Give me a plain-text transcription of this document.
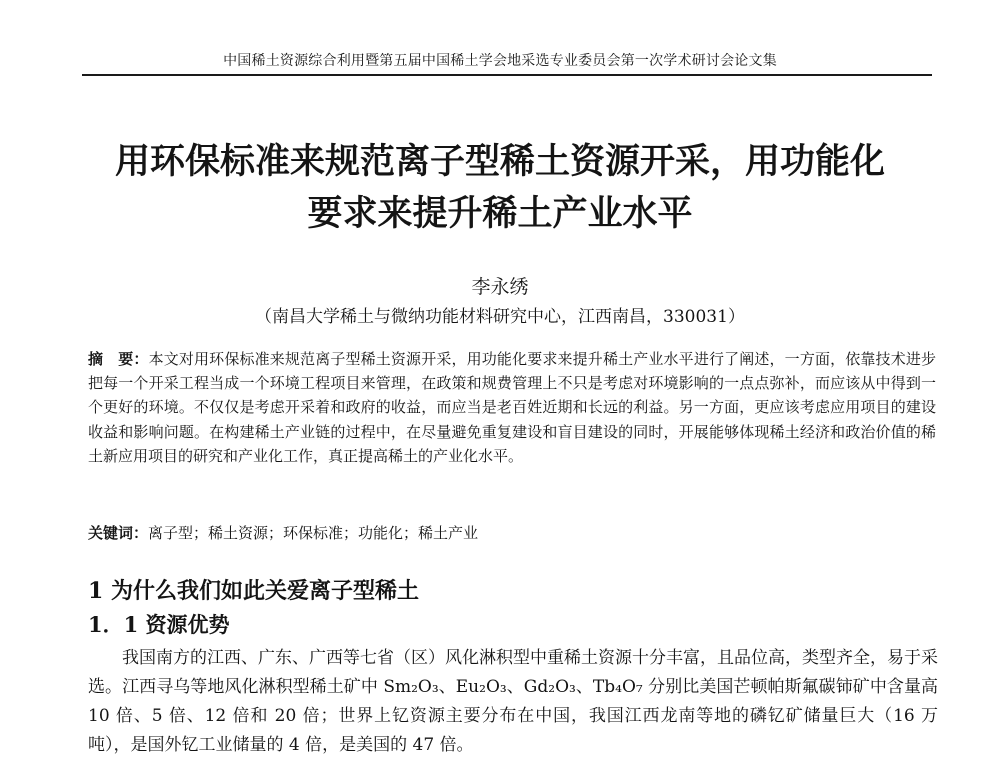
中国稀土资源综合利用暨第五届中国稀土学会地采选专业委员会第一次学术研讨会论文集
用环保标准来规范离子型稀土资源开采，用功能化
要求来提升稀土产业水平
李永绣
（南昌大学稀土与微纳功能材料研究中心，江西南昌，330031）
摘　要：本文对用环保标准来规范离子型稀土资源开采，用功能化要求来提升稀土产业水平进行了阐述，一方面，依靠技术进步把每一个开采工程当成一个环境工程项目来管理，在政策和规费管理上不只是考虑对环境影响的一点点弥补，而应该从中得到一个更好的环境。不仅仅是考虑开采着和政府的收益，而应当是老百姓近期和长远的利益。另一方面，更应该考虑应用项目的建设收益和影响问题。在构建稀土产业链的过程中，在尽量避免重复建设和盲目建设的同时，开展能够体现稀土经济和政治价值的稀土新应用项目的研究和产业化工作，真正提高稀土的产业化水平。
关键词：离子型；稀土资源；环保标准；功能化；稀土产业
1 为什么我们如此关爱离子型稀土
1．1 资源优势

我国南方的江西、广东、广西等七省（区）风化淋积型中重稀土资源十分丰富，且品位高，类型齐全，易于采选。江西寻乌等地风化淋积型稀土矿中 Sm₂O₃、Eu₂O₃、Gd₂O₃、Tb₄O₇ 分别比美国芒顿帕斯氟碳铈矿中含量高 10 倍、5 倍、12 倍和 20 倍；世界上钇资源主要分布在中国，我国江西龙南等地的磷钇矿储量巨大（16 万吨），是国外钇工业储量的 4 倍，是美国的 47 倍。
